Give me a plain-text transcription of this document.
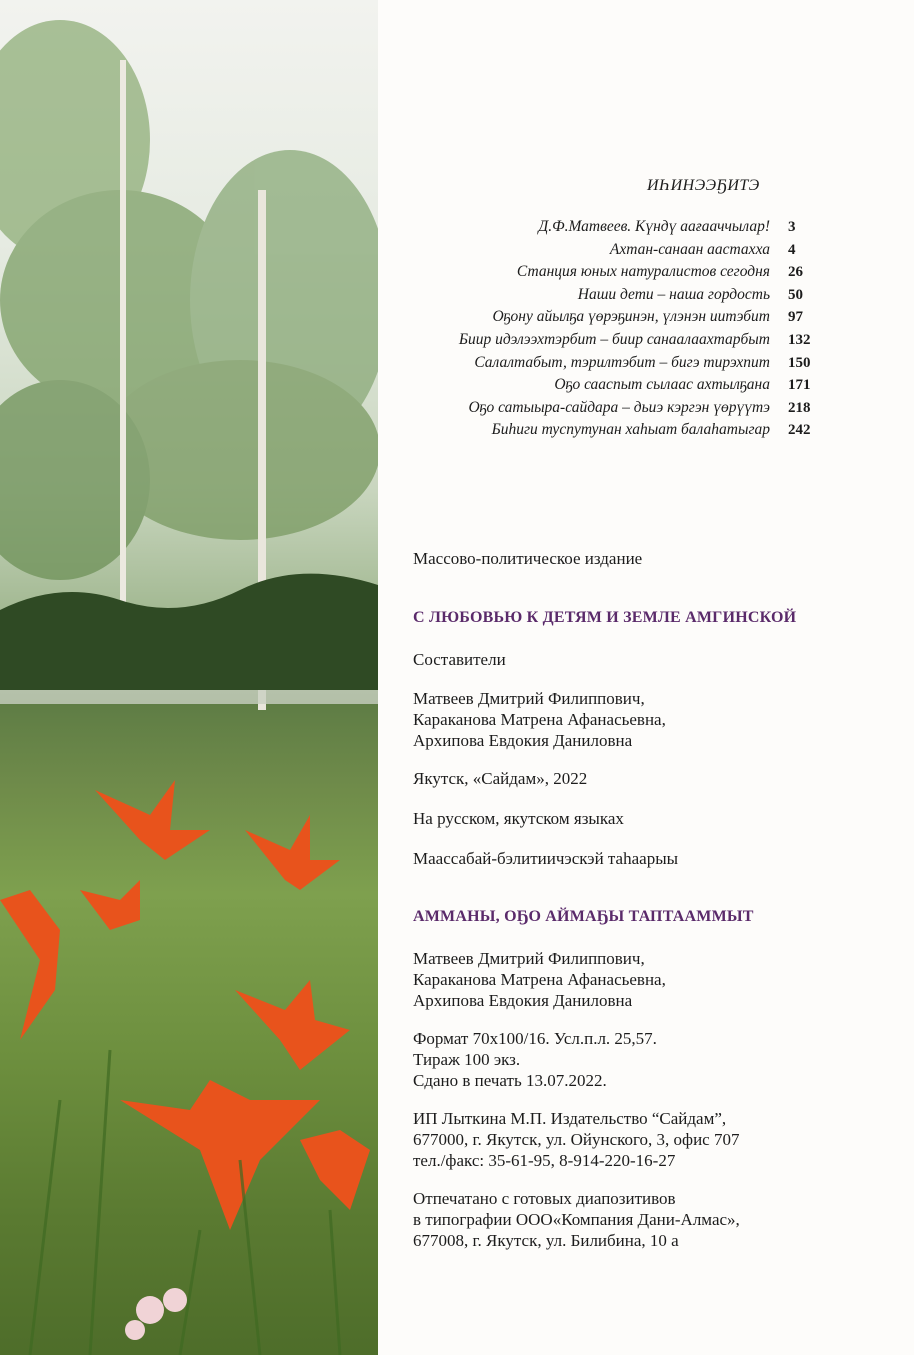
ИҺИНЭЭҔИТЭ
Д.Ф.Матвеев. Күндү аағааччылар!	3
Ахтан-санаан аастахха	4
Станция юных натуралистов сегодня	26
Наши дети – наша гордость	50
Оҕону айылҕа үөрэҕинэн, үлэнэн иитэбит	97
Биир идэлээхтэрбит – биир санаалаахтарбыт	132
Салалтабыт, тэрилтэбит – бигэ тирэхпит	150
Оҕо сааспыт сылаас ахтылҕана	171
Оҕо сатыыра-сайдара – дьиэ кэргэн үөрүүтэ	218
Биһиги туспутунан хаһыат балаһатыгар	242
Массово-политическое издание
С ЛЮБОВЬЮ К ДЕТЯМ И ЗЕМЛЕ АМГИНСКОЙ
Составители
Матвеев Дмитрий Филиппович,
Караканова Матрена Афанасьевна,
Архипова Евдокия Даниловна
Якутск, «Сайдам», 2022
На русском, якутском языках
Маассабай-бэлитиичэскэй таһаарыы
АММАНЫ, ОҔО АЙМАҔЫ ТАПТААММЫТ
Матвеев Дмитрий Филиппович,
Караканова Матрена Афанасьевна,
Архипова Евдокия Даниловна
Формат 70х100/16. Усл.п.л. 25,57.
Тираж 100 экз.
Сдано в печать 13.07.2022.
ИП Лыткина М.П. Издательство “Сайдам”,
677000, г. Якутск, ул. Ойунского, 3, офис 707
тел./факс: 35-61-95, 8-914-220-16-27
Отпечатано с готовых диапозитивов
в типографии ООО«Компания Дани-Алмас»,
677008, г. Якутск, ул. Билибина, 10 а
